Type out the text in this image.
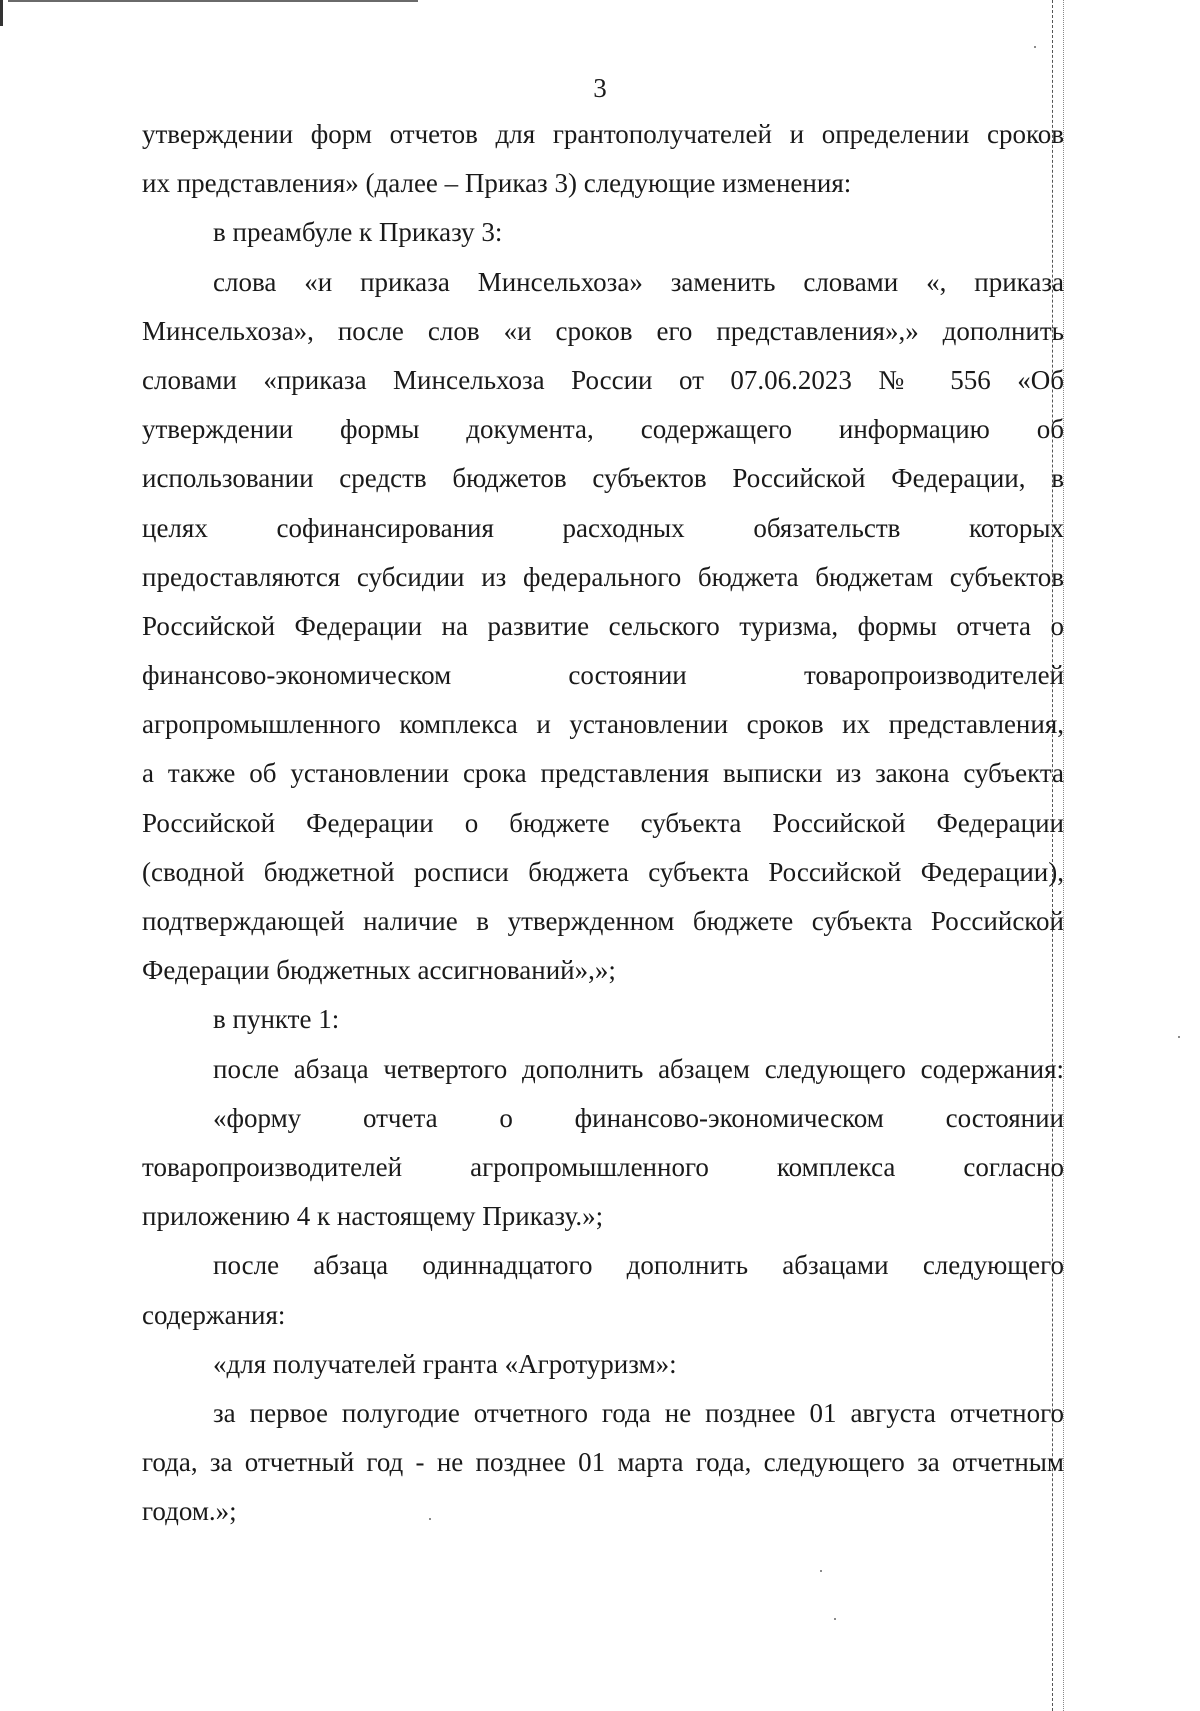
3
утверждении форм отчетов для грантополучателей и определении сроков
их представления» (далее – Приказ 3) следующие изменения:
в преамбуле к Приказу 3:
слова «и приказа Минсельхоза» заменить словами «, приказа
Минсельхоза», после слов «и сроков его представления»,» дополнить
словами «приказа Минсельхоза России от 07.06.2023 № 556 «Об
утверждении формы документа, содержащего информацию об
использовании средств бюджетов субъектов Российской Федерации, в
целях софинансирования расходных обязательств которых
предоставляются субсидии из федерального бюджета бюджетам субъектов
Российской Федерации на развитие сельского туризма, формы отчета о
финансово-экономическом состоянии товаропроизводителей
агропромышленного комплекса и установлении сроков их представления,
а также об установлении срока представления выписки из закона субъекта
Российской Федерации о бюджете субъекта Российской Федерации
(сводной бюджетной росписи бюджета субъекта Российской Федерации),
подтверждающей наличие в утвержденном бюджете субъекта Российской
Федерации бюджетных ассигнований»,»;
в пункте 1:
после абзаца четвертого дополнить абзацем следующего содержания:
«форму отчета о финансово-экономическом состоянии
товаропроизводителей агропромышленного комплекса согласно
приложению 4 к настоящему Приказу.»;
после абзаца одиннадцатого дополнить абзацами следующего
содержания:
«для получателей гранта «Агротуризм»:
за первое полугодие отчетного года не позднее 01 августа отчетного
года, за отчетный год - не позднее 01 марта года, следующего за отчетным
годом.»;
